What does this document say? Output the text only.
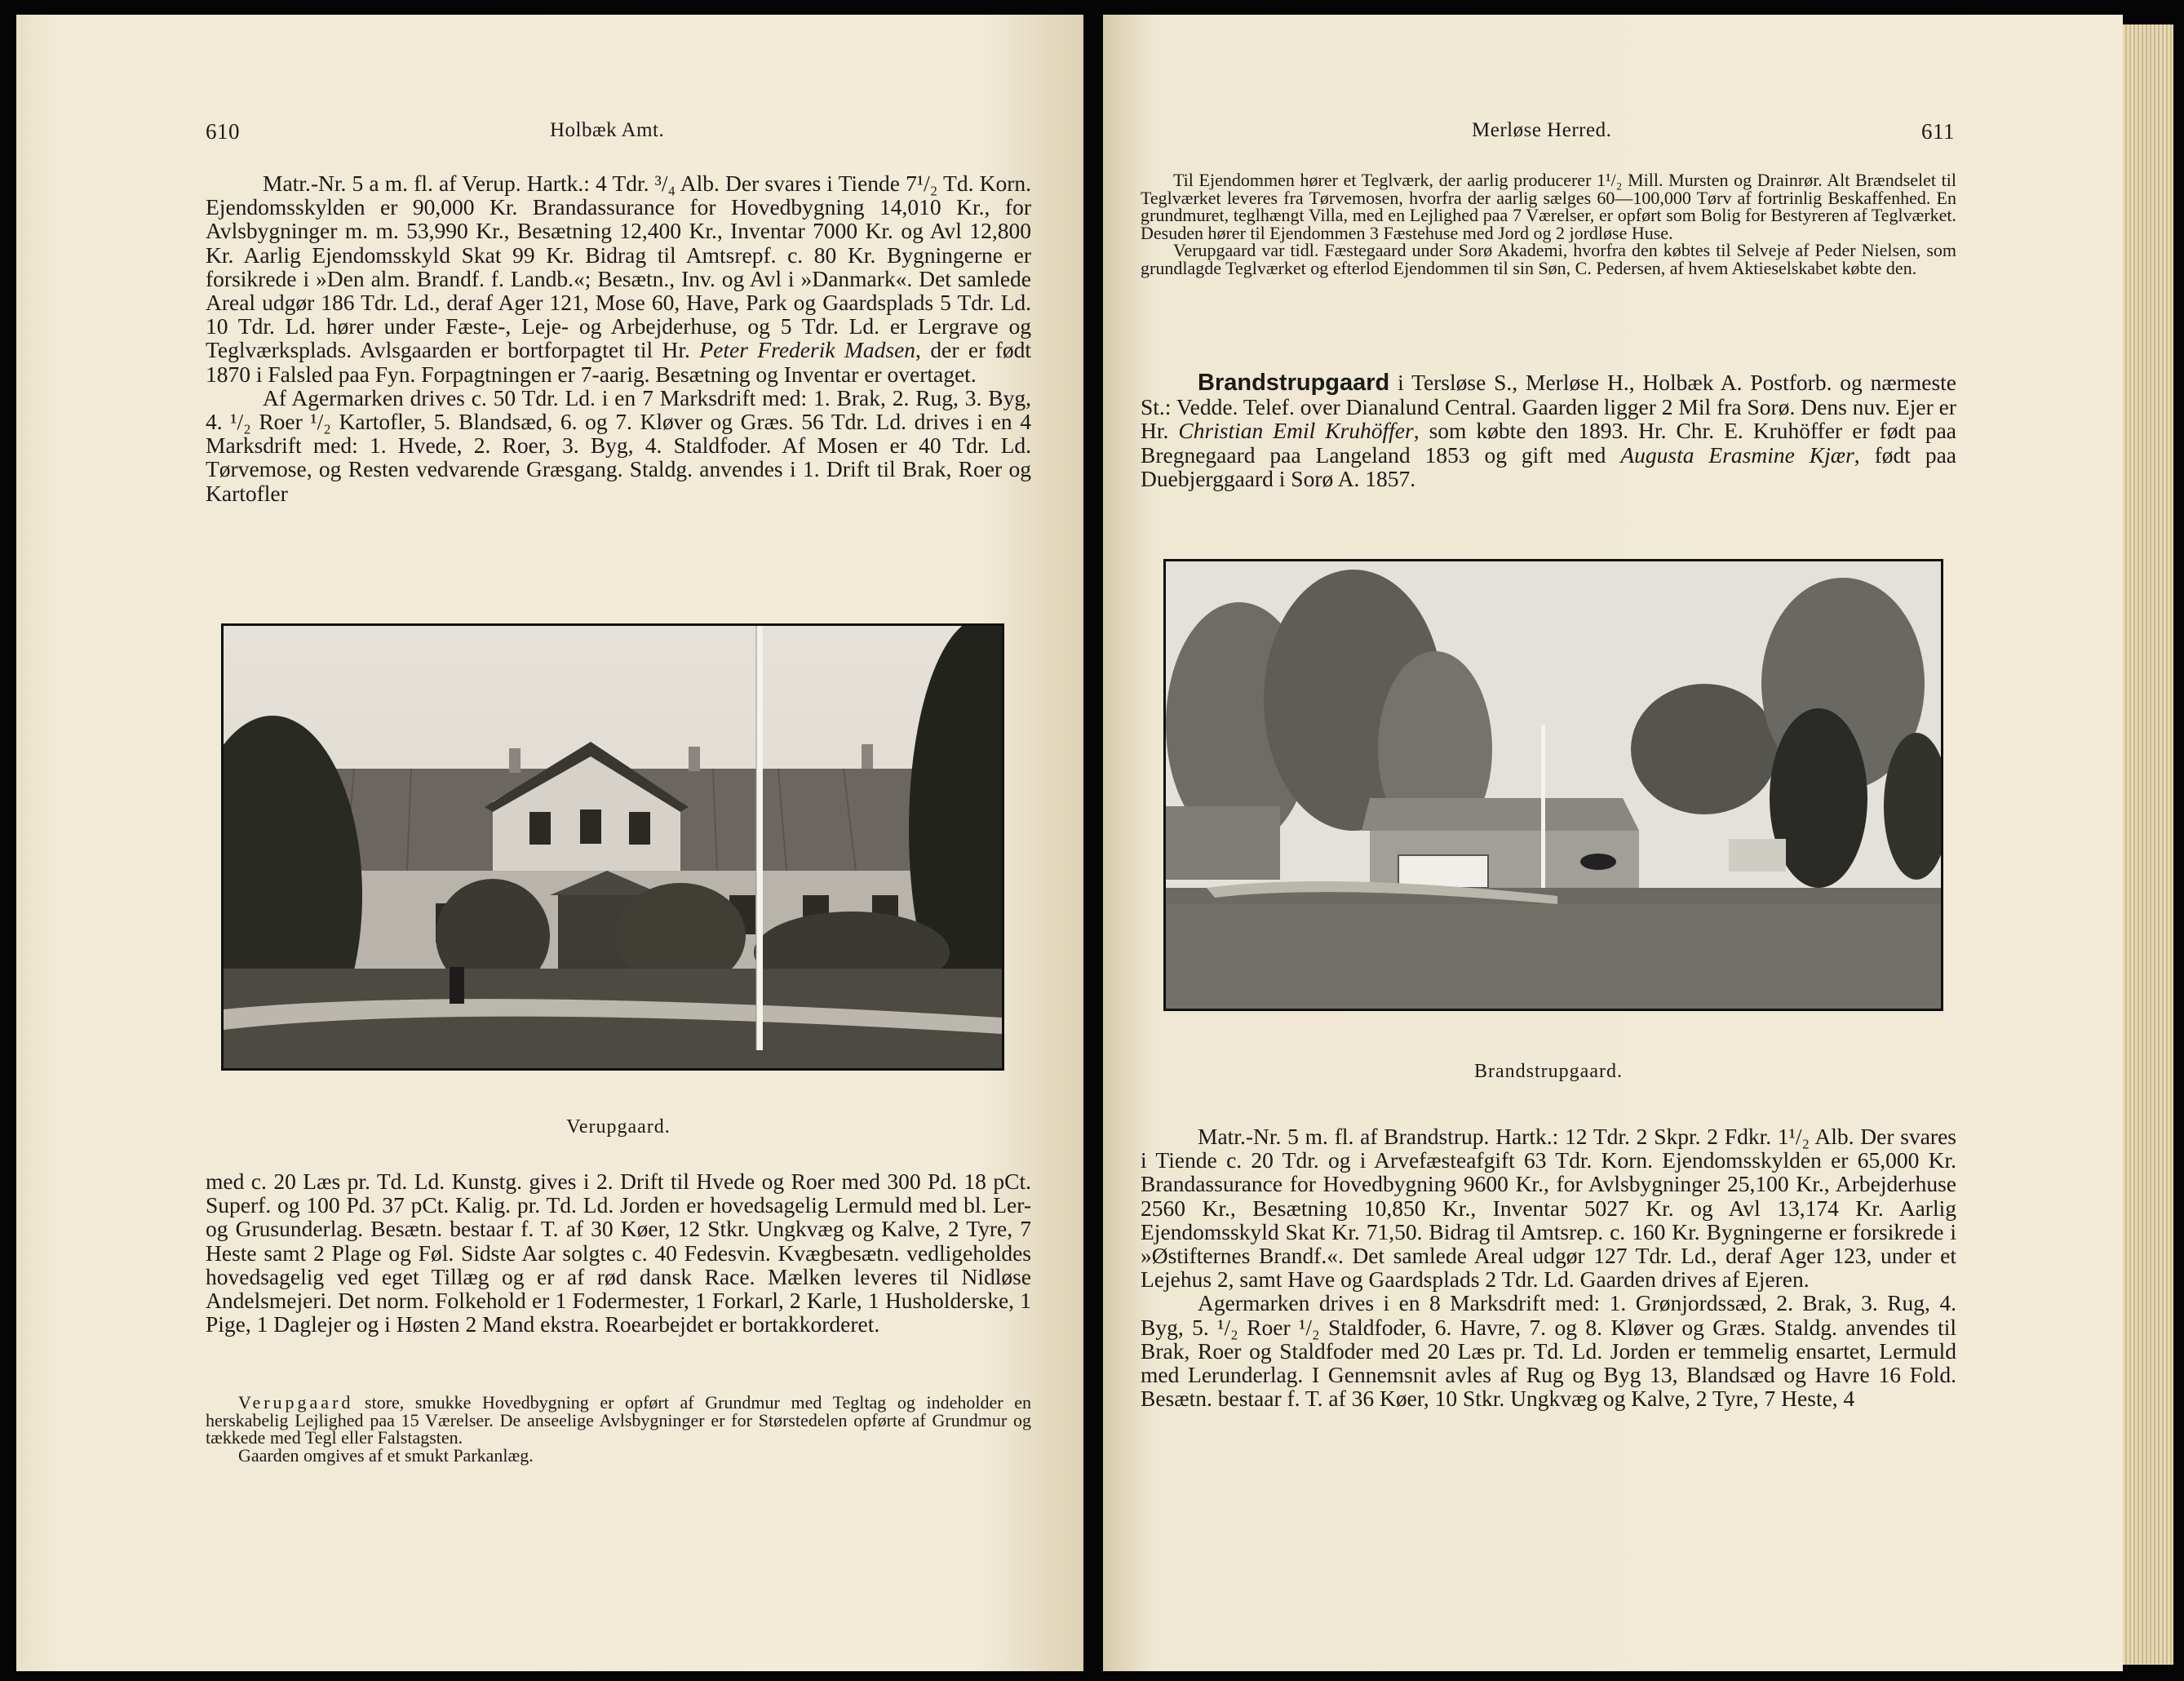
610	Holbæk Amt.

Matr.-Nr. 5 a m. fl. af Verup. Hartk.: 4 Tdr. ³/₄ Alb. Der svares i Tiende 7¹/₂ Td. Korn. Ejendomsskylden er 90,000 Kr. Brandassurance for Hovedbygning 14,010 Kr., for Avlsbygninger m. m. 53,990 Kr., Besætning 12,400 Kr., Inventar 7000 Kr. og Avl 12,800 Kr. Aarlig Ejendomsskyld Skat 99 Kr. Bidrag til Amtsrepf. c. 80 Kr. Bygningerne er forsikrede i »Den alm. Brandf. f. Landb.«; Besætn., Inv. og Avl i »Danmark«. Det samlede Areal udgør 186 Tdr. Ld., deraf Ager 121, Mose 60, Have, Park og Gaardsplads 5 Tdr. Ld. 10 Tdr. Ld. hører under Fæste-, Leje- og Arbejderhuse, og 5 Tdr. Ld. er Lergrave og Teglværksplads. Avlsgaarden er bortforpagtet til Hr. Peter Frederik Madsen, der er født 1870 i Falsled paa Fyn. Forpagtningen er 7-aarig. Besætning og Inventar er overtaget.

Af Agermarken drives c. 50 Tdr. Ld. i en 7 Marksdrift med: 1. Brak, 2. Rug, 3. Byg, 4. ¹/₂ Roer ¹/₂ Kartofler, 5. Blandsæd, 6. og 7. Kløver og Græs. 56 Tdr. Ld. drives i en 4 Marksdrift med: 1. Hvede, 2. Roer, 3. Byg, 4. Staldfoder. Af Mosen er 40 Tdr. Ld. Tørvemose, og Resten vedvarende Græsgang. Staldg. anvendes i 1. Drift til Brak, Roer og Kartofler

Verupgaard.

med c. 20 Læs pr. Td. Ld. Kunstg. gives i 2. Drift til Hvede og Roer med 300 Pd. 18 pCt. Superf. og 100 Pd. 37 pCt. Kalig. pr. Td. Ld. Jorden er hovedsagelig Lermuld med bl. Ler- og Grusunderlag. Besætn. bestaar f. T. af 30 Køer, 12 Stkr. Ungkvæg og Kalve, 2 Tyre, 7 Heste samt 2 Plage og Føl. Sidste Aar solgtes c. 40 Fedesvin. Kvægbesætn. vedligeholdes hovedsagelig ved eget Tillæg og er af rød dansk Race. Mælken leveres til Nidløse Andelsmejeri. Det norm. Folkehold er 1 Fodermester, 1 Forkarl, 2 Karle, 1 Husholderske, 1 Pige, 1 Daglejer og i Høsten 2 Mand ekstra. Roearbejdet er bortakkorderet.

Verupgaard store, smukke Hovedbygning er opført af Grundmur med Tegltag og indeholder en herskabelig Lejlighed paa 15 Værelser. De anseelige Avlsbygninger er for Størstedelen opførte af Grundmur og tækkede med Tegl eller Falstagsten.

Gaarden omgives af et smukt Parkanlæg.

Merløse Herred.	611

Til Ejendommen hører et Teglværk, der aarlig producerer 1¹/₂ Mill. Mursten og Drainrør. Alt Brændselet til Teglværket leveres fra Tørvemosen, hvorfra der aarlig sælges 60—100,000 Tørv af fortrinlig Beskaffenhed. En grundmuret, teglhængt Villa, med en Lejlighed paa 7 Værelser, er opført som Bolig for Bestyreren af Teglværket. Desuden hører til Ejendommen 3 Fæstehuse med Jord og 2 jordløse Huse.

Verupgaard var tidl. Fæstegaard under Sorø Akademi, hvorfra den købtes til Selveje af Peder Nielsen, som grundlagde Teglværket og efterlod Ejendommen til sin Søn, C. Pedersen, af hvem Aktieselskabet købte den.

Brandstrupgaard i Tersløse S., Merløse H., Holbæk A. Postforb. og nærmeste St.: Vedde. Telef. over Dianalund Central. Gaarden ligger 2 Mil fra Sorø. Dens nuv. Ejer er Hr. Christian Emil Kruhöffer, som købte den 1893. Hr. Chr. E. Kruhöffer er født paa Bregnegaard paa Langeland 1853 og gift med Augusta Erasmine Kjær, født paa Duebjerggaard i Sorø A. 1857.

Brandstrupgaard.

Matr.-Nr. 5 m. fl. af Brandstrup. Hartk.: 12 Tdr. 2 Skpr. 2 Fdkr. 1¹/₂ Alb. Der svares i Tiende c. 20 Tdr. og i Arvefæsteafgift 63 Tdr. Korn. Ejendomsskylden er 65,000 Kr. Brandassurance for Hovedbygning 9600 Kr., for Avlsbygninger 25,100 Kr., Arbejderhuse 2560 Kr., Besætning 10,850 Kr., Inventar 5027 Kr. og Avl 13,174 Kr. Aarlig Ejendomsskyld Skat Kr. 71,50. Bidrag til Amtsrep. c. 160 Kr. Bygningerne er forsikrede i »Østifternes Brandf.«. Det samlede Areal udgør 127 Tdr. Ld., deraf Ager 123, under et Lejehus 2, samt Have og Gaardsplads 2 Tdr. Ld. Gaarden drives af Ejeren.

Agermarken drives i en 8 Marksdrift med: 1. Grønjordssæd, 2. Brak, 3. Rug, 4. Byg, 5. ¹/₂ Roer ¹/₂ Staldfoder, 6. Havre, 7. og 8. Kløver og Græs. Staldg. anvendes til Brak, Roer og Staldfoder med 20 Læs pr. Td. Ld. Jorden er temmelig ensartet, Lermuld med Lerunderlag. I Gennemsnit avles af Rug og Byg 13, Blandsæd og Havre 16 Fold. Besætn. bestaar f. T. af 36 Køer, 10 Stkr. Ungkvæg og Kalve, 2 Tyre, 7 Heste, 4
